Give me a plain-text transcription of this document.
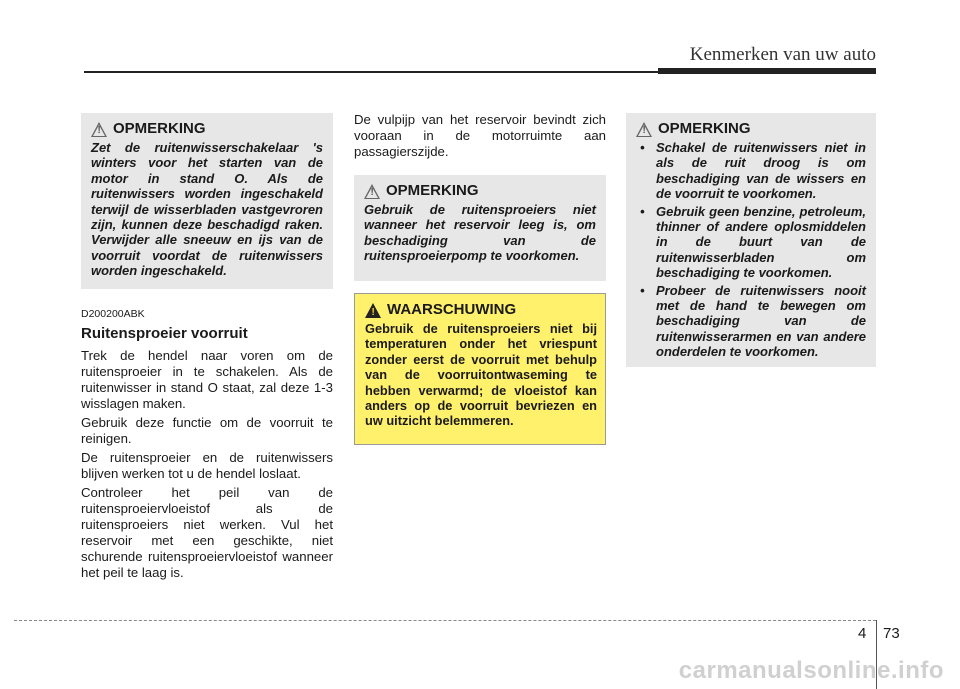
Kenmerken van uw auto
! OPMERKING
Zet de ruitenwisserschakelaar 's winters voor het starten van de motor in stand O. Als de ruitenwissers worden ingeschakeld terwijl de wisserbladen vastgevroren zijn, kunnen deze beschadigd raken. Verwijder alle sneeuw en ijs van de voorruit voordat de ruitenwissers worden ingeschakeld.
D200200ABK
Ruitensproeier voorruit

Trek de hendel naar voren om de ruitensproeier in te schakelen. Als de ruitenwisser in stand O staat, zal deze 1-3 wisslagen maken.

Gebruik deze functie om de voorruit te reinigen.

De ruitensproeier en de ruitenwissers blijven werken tot u de hendel loslaat.

Controleer het peil van de ruitensproeiervloeistof als de ruitensproeiers niet werken. Vul het reservoir met een geschikte, niet schurende ruitensproeiervloeistof wanneer het peil te laag is.

De vulpijp van het reservoir bevindt zich vooraan in de motorruimte aan passagierszijde.

! OPMERKING
Gebruik de ruitensproeiers niet wanneer het reservoir leeg is, om beschadiging van de ruitensproeierpomp te voorkomen.
! WAARSCHUWING
Gebruik de ruitensproeiers niet bij temperaturen onder het vriespunt zonder eerst de voorruit met behulp van de voorruitontwaseming te hebben verwarmd; de vloeistof kan anders op de voorruit bevriezen en uw uitzicht belemmeren.
! OPMERKING
• Schakel de ruitenwissers niet in als de ruit droog is om beschadiging van de wissers en de voorruit te voorkomen.
• Gebruik geen benzine, petroleum, thinner of andere oplosmiddelen in de buurt van de ruitenwisserbladen om beschadiging te voorkomen.
• Probeer de ruitenwissers nooit met de hand te bewegen om beschadiging van de ruitenwisserarmen en van andere onderdelen te voorkomen.
4 73
carmanualsonline.info
